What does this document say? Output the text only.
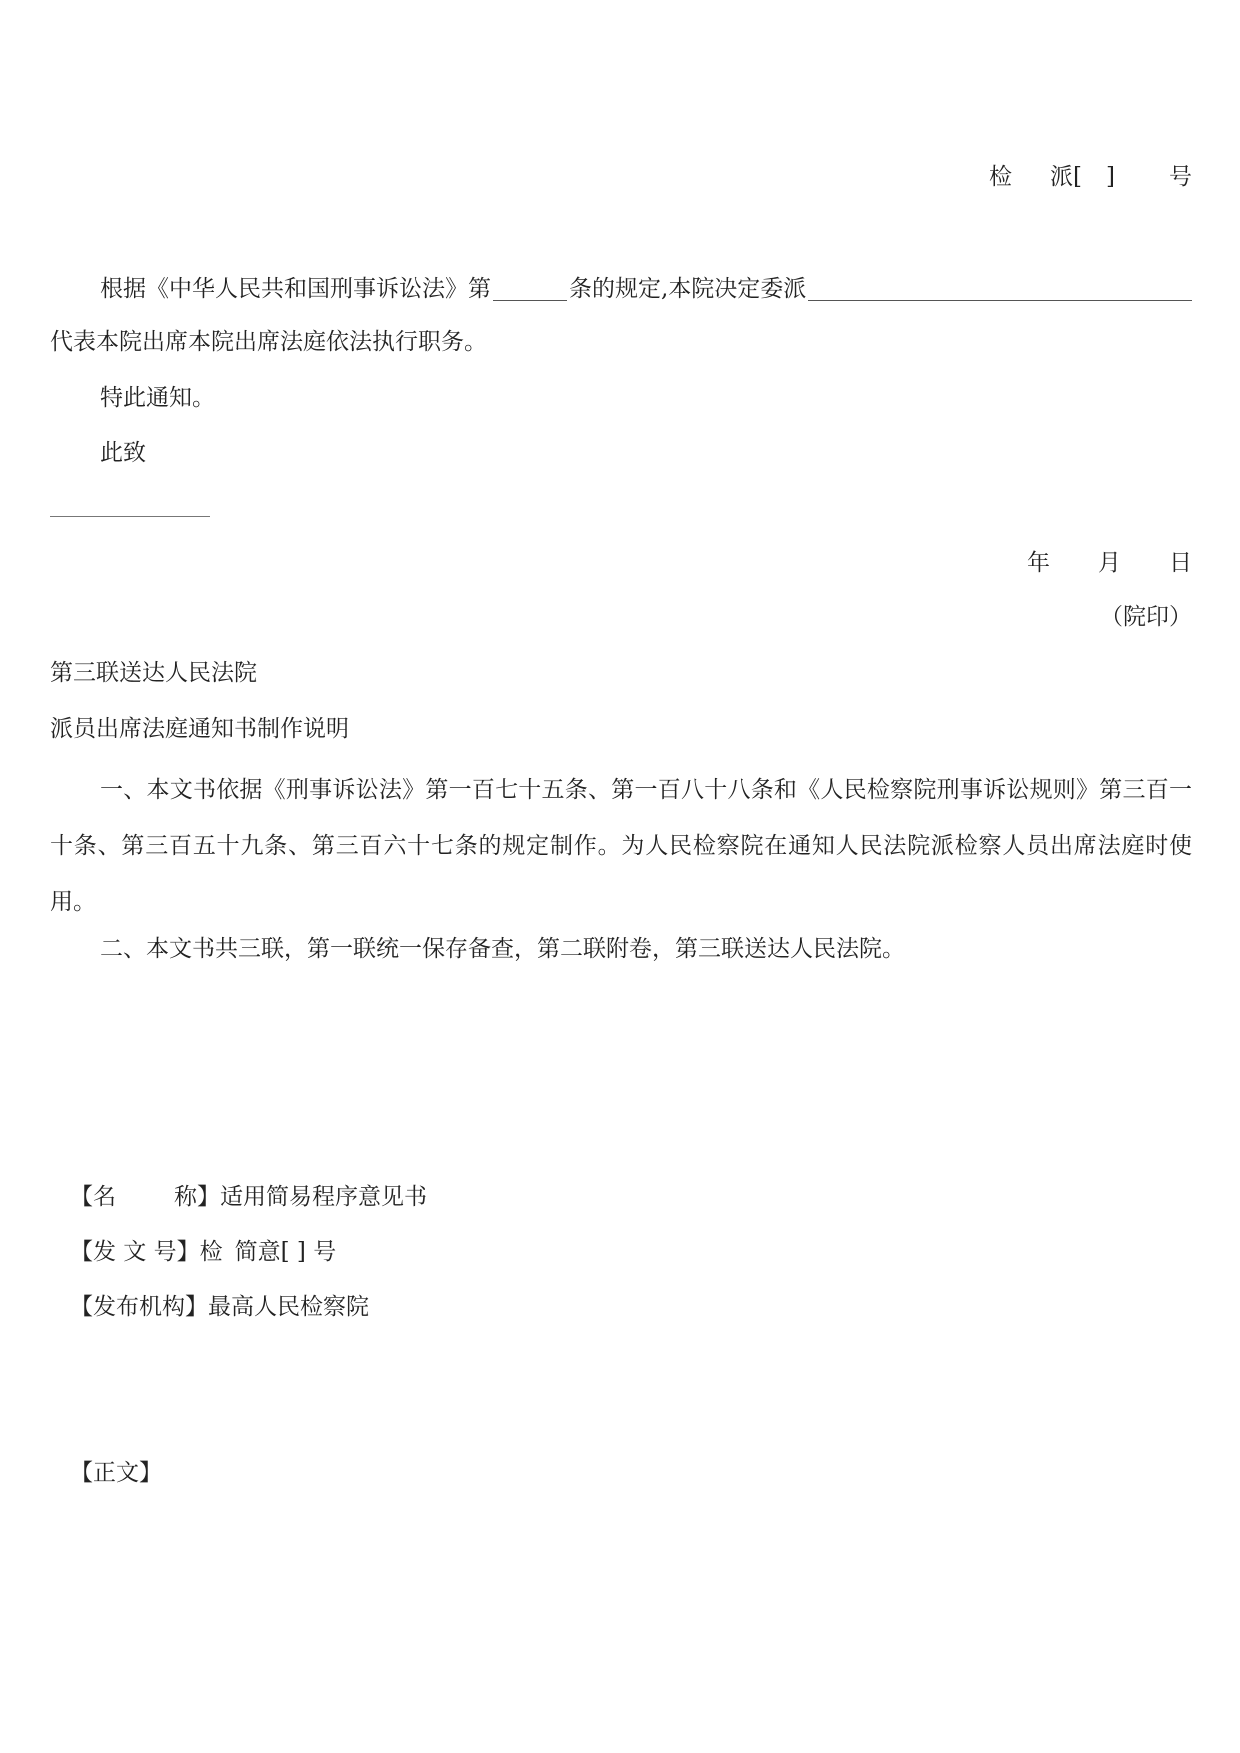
检 派[ ] 号
根据《中华人民共和国刑事诉讼法》第	条的规定,本院决定委派
代表本院出席本院出席法庭依法执行职务。
特此通知。
此致
年 月 日
（院印）
第三联送达人民法院
派员出席法庭通知书制作说明
一、本文书依据《刑事诉讼法》第一百七十五条、第一百八十八条和《人民检察院刑事诉讼规则》第三百一十条、第三百五十九条、第三百六十七条的规定制作。为人民检察院在通知人民法院派检察人员出席法庭时使用。
二、本文书共三联，第一联统一保存备查，第二联附卷，第三联送达人民法院。
【名	称】适用简易程序意见书
【发 文 号】检 简意[ ] 号
【发布机构】最高人民检察院
【正文】
